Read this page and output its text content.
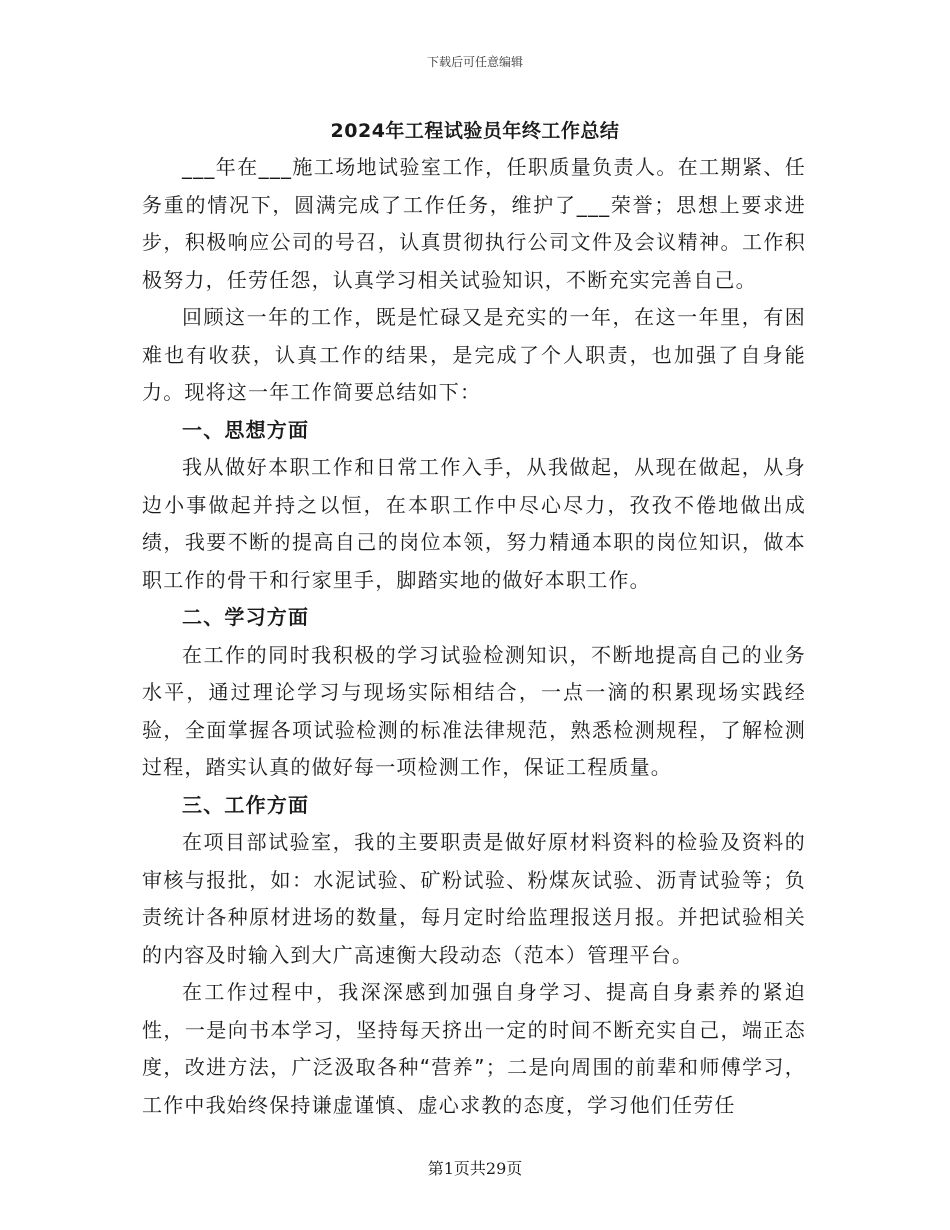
下载后可任意编辑
2024年工程试验员年终工作总结

___年在___施工场地试验室工作，任职质量负责人。在工期紧、任务重的情况下，圆满完成了工作任务，维护了___荣誉；思想上要求进步，积极响应公司的号召，认真贯彻执行公司文件及会议精神。工作积极努力，任劳任怨，认真学习相关试验知识，不断充实完善自己。

回顾这一年的工作，既是忙碌又是充实的一年，在这一年里，有困难也有收获，认真工作的结果，是完成了个人职责，也加强了自身能力。现将这一年工作简要总结如下：

一、思想方面

我从做好本职工作和日常工作入手，从我做起，从现在做起，从身边小事做起并持之以恒，在本职工作中尽心尽力，孜孜不倦地做出成绩，我要不断的提高自己的岗位本领，努力精通本职的岗位知识，做本职工作的骨干和行家里手，脚踏实地的做好本职工作。

二、学习方面

在工作的同时我积极的学习试验检测知识，不断地提高自己的业务水平，通过理论学习与现场实际相结合，一点一滴的积累现场实践经验，全面掌握各项试验检测的标准法律规范，熟悉检测规程，了解检测过程，踏实认真的做好每一项检测工作，保证工程质量。

三、工作方面

在项目部试验室，我的主要职责是做好原材料资料的检验及资料的审核与报批，如：水泥试验、矿粉试验、粉煤灰试验、沥青试验等；负责统计各种原材进场的数量，每月定时给监理报送月报。并把试验相关的内容及时输入到大广高速衡大段动态（范本）管理平台。

在工作过程中，我深深感到加强自身学习、提高自身素养的紧迫性，一是向书本学习，坚持每天挤出一定的时间不断充实自己，端正态度，改进方法，广泛汲取各种“营养”；二是向周围的前辈和师傅学习，工作中我始终保持谦虚谨慎、虚心求教的态度，学习他们任劳任

第1页共29页
